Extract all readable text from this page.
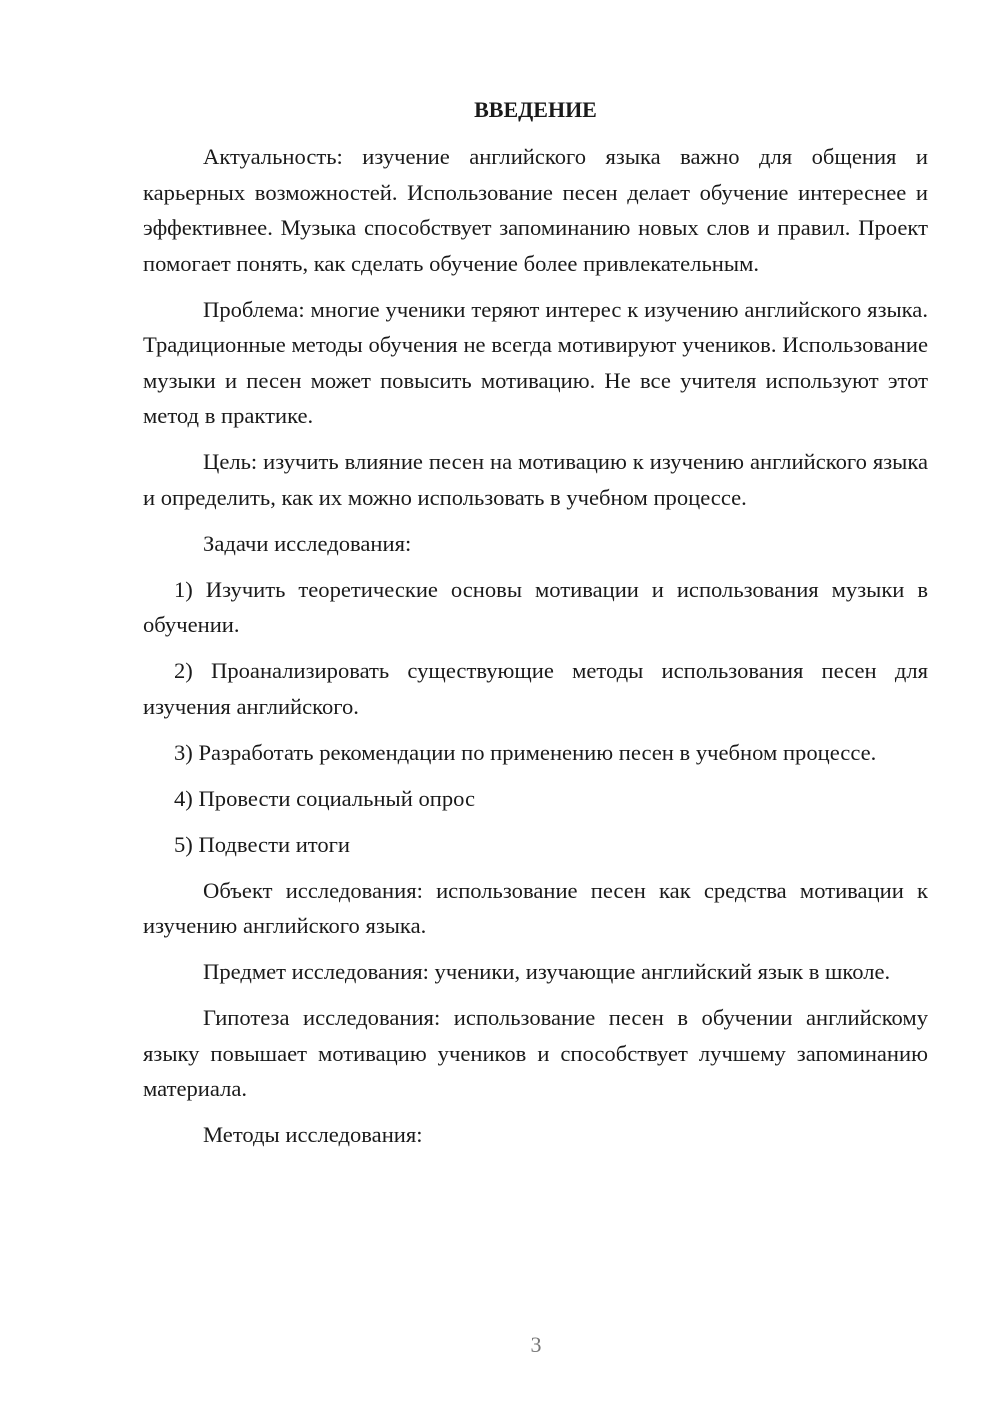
ВВЕДЕНИЕ

Актуальность: изучение английского языка важно для общения и карьерных возможностей. Использование песен делает обучение интереснее и эффективнее. Музыка способствует запоминанию новых слов и правил. Проект помогает понять, как сделать обучение более привлекательным.

Проблема: многие ученики теряют интерес к изучению английского языка. Традиционные методы обучения не всегда мотивируют учеников. Использование музыки и песен может повысить мотивацию. Не все учителя используют этот метод в практике.

Цель: изучить влияние песен на мотивацию к изучению английского языка и определить, как их можно использовать в учебном процессе.

Задачи исследования:

1) Изучить теоретические основы мотивации и использования музыки в обучении.

2) Проанализировать существующие методы использования песен для изучения английского.

3) Разработать рекомендации по применению песен в учебном процессе.

4) Провести социальный опрос

5) Подвести итоги

Объект исследования: использование песен как средства мотивации к изучению английского языка.

Предмет исследования: ученики, изучающие английский язык в школе.

Гипотеза исследования: использование песен в обучении английскому языку повышает мотивацию учеников и способствует лучшему запоминанию материала.

Методы исследования:

3
